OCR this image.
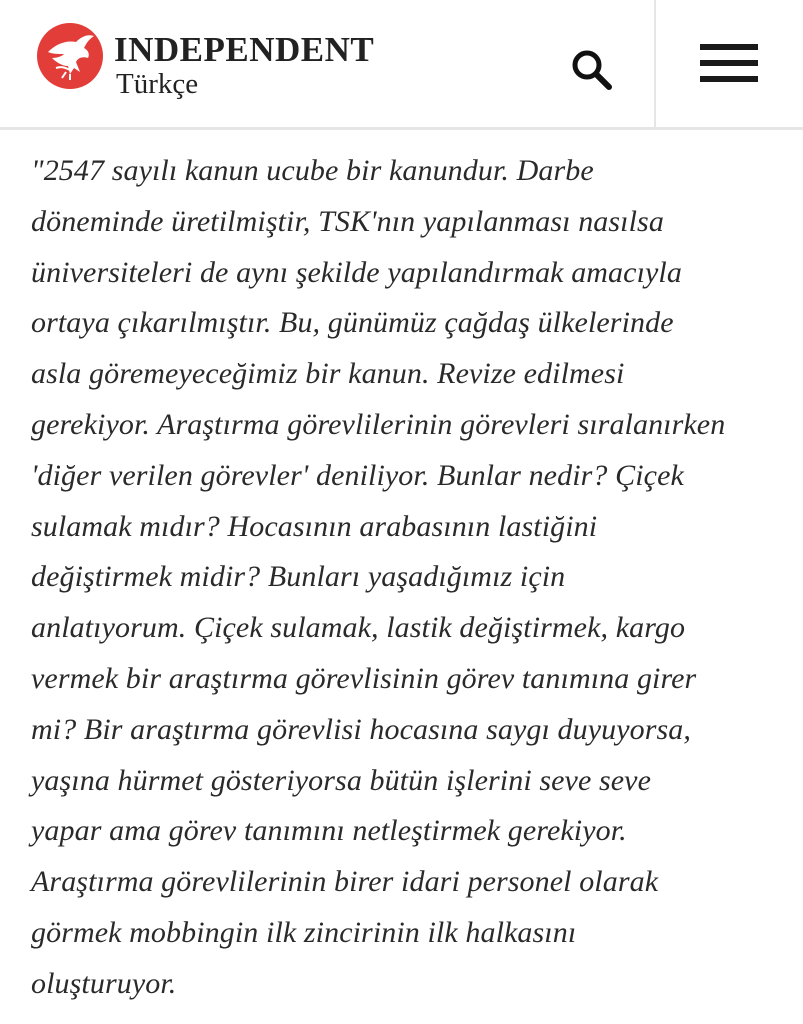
INDEPENDENT
Türkçe

"2547 sayılı kanun ucube bir kanundur. Darbe
döneminde üretilmiştir, TSK'nın yapılanması nasılsa
üniversiteleri de aynı şekilde yapılandırmak amacıyla
ortaya çıkarılmıştır. Bu, günümüz çağdaş ülkelerinde
asla göremeyeceğimiz bir kanun. Revize edilmesi
gerekiyor. Araştırma görevlilerinin görevleri sıralanırken
'diğer verilen görevler' deniliyor. Bunlar nedir? Çiçek
sulamak mıdır? Hocasının arabasının lastiğini
değiştirmek midir? Bunları yaşadığımız için
anlatıyorum. Çiçek sulamak, lastik değiştirmek, kargo
vermek bir araştırma görevlisinin görev tanımına girer
mi? Bir araştırma görevlisi hocasına saygı duyuyorsa,
yaşına hürmet gösteriyorsa bütün işlerini seve seve
yapar ama görev tanımını netleştirmek gerekiyor.
Araştırma görevlilerinin birer idari personel olarak
görmek mobbingin ilk zincirinin ilk halkasını
oluşturuyor.
